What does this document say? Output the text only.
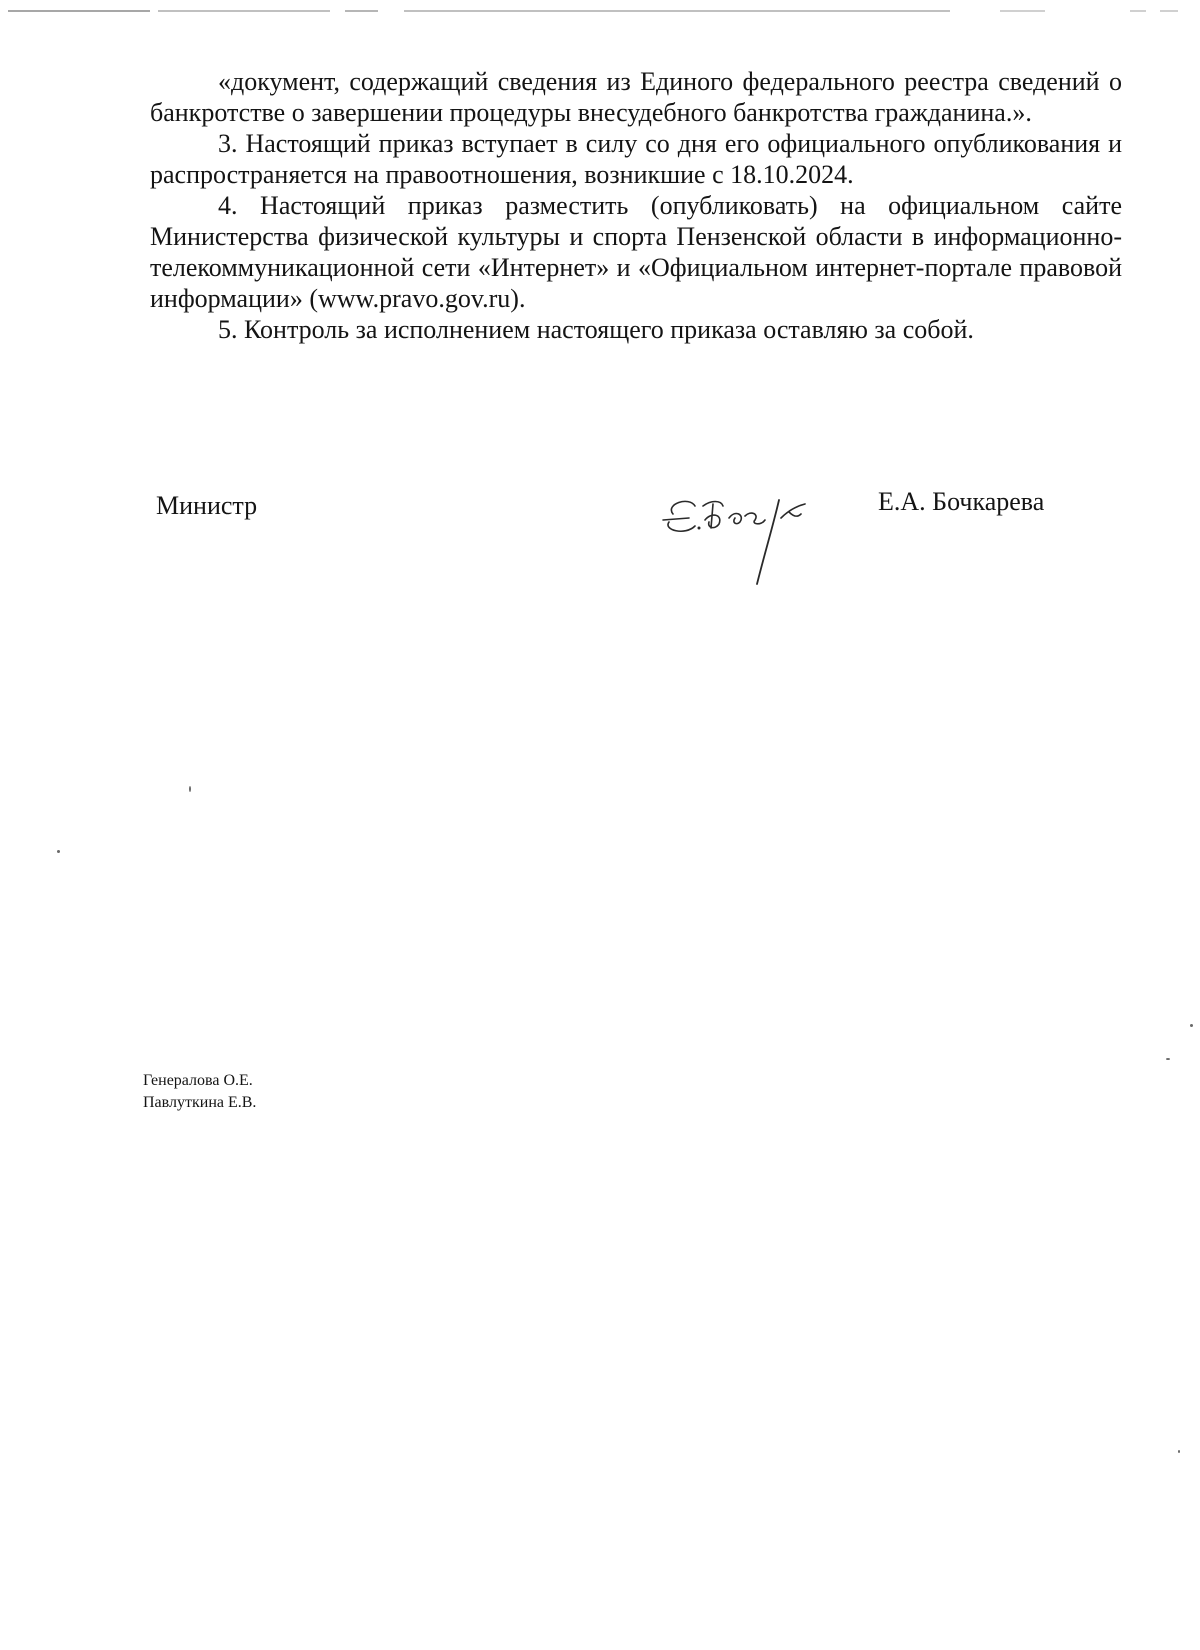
«документ, содержащий сведения из Единого федерального реестра сведений о банкротстве о завершении процедуры внесудебного банкротства гражданина.».

3. Настоящий приказ вступает в силу со дня его официального опубликования и распространяется на правоотношения, возникшие с 18.10.2024.

4. Настоящий приказ разместить (опубликовать) на официальном сайте Министерства физической культуры и спорта Пензенской области в информационно-телекоммуникационной сети «Интернет» и «Официальном интернет-портале правовой информации» (www.pravo.gov.ru).

5. Контроль за исполнением настоящего приказа оставляю за собой.

Министр	Е.А. Бочкарева
Генералова О.Е.
Павлуткина Е.В.
